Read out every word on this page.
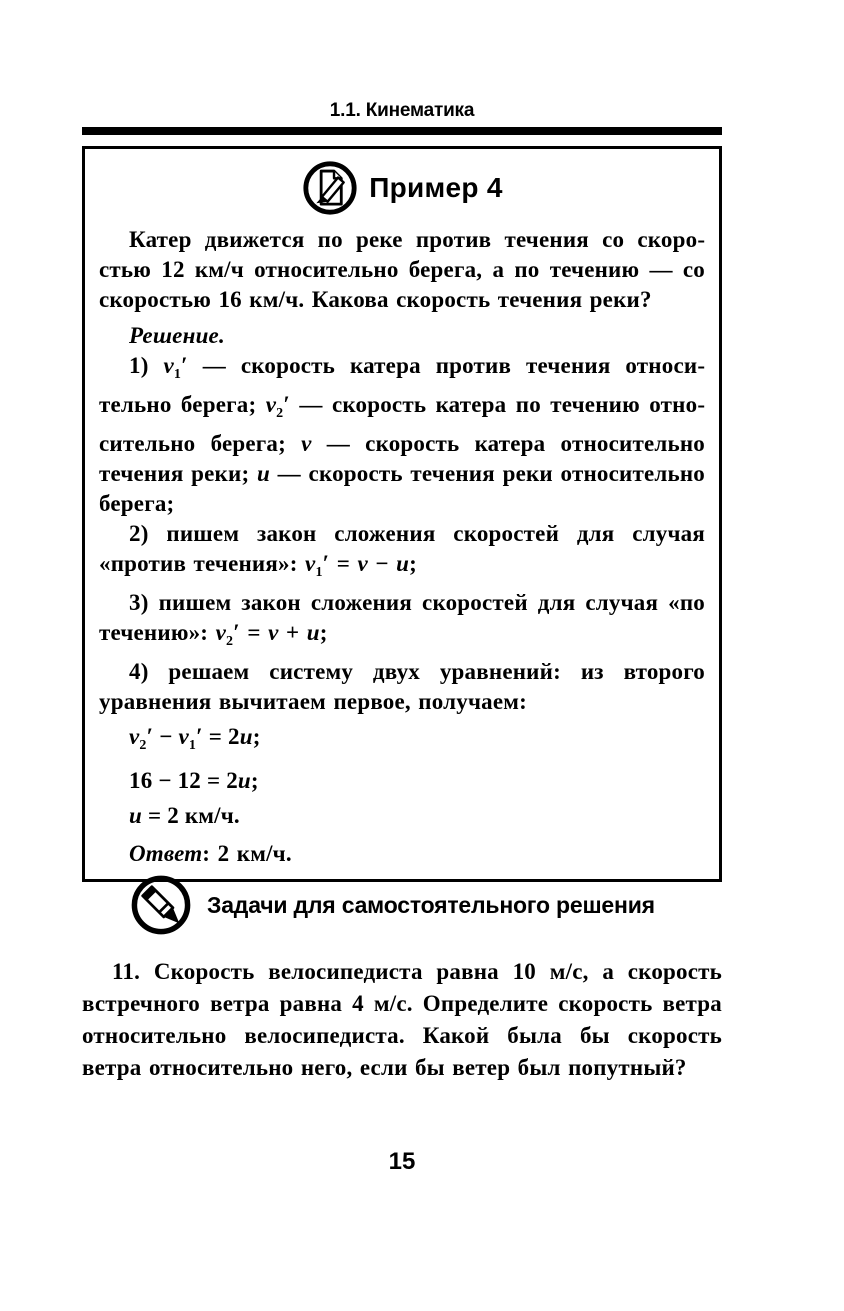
1.1. Кинематика
Пример 4

Катер движется по реке против течения со скоростью 12 км/ч относительно берега, а по течению — со скоростью 16 км/ч. Какова скорость течения реки?

Решение.

1) $v_1'$ — скорость катера против течения относительно берега; $v_2'$ — скорость катера по течению относительно берега; v — скорость катера относительно течения реки; u — скорость течения реки относительно берега;

2) пишем закон сложения скоростей для случая «против течения»: $v_1' = v - u$;

3) пишем закон сложения скоростей для случая «по течению»: $v_2' = v + u$;

4) решаем систему двух уравнений: из второго уравнения вычитаем первое, получаем:

$v_2' - v_1' = 2u$;

16 − 12 = 2u;

u = 2 км/ч.

Ответ: 2 км/ч.

Задачи для самостоятельного решения

11. Скорость велосипедиста равна 10 м/с, а скорость встречного ветра равна 4 м/с. Определите скорость ветра относительно велосипедиста. Какой была бы скорость ветра относительно него, если бы ветер был попутный?

15
